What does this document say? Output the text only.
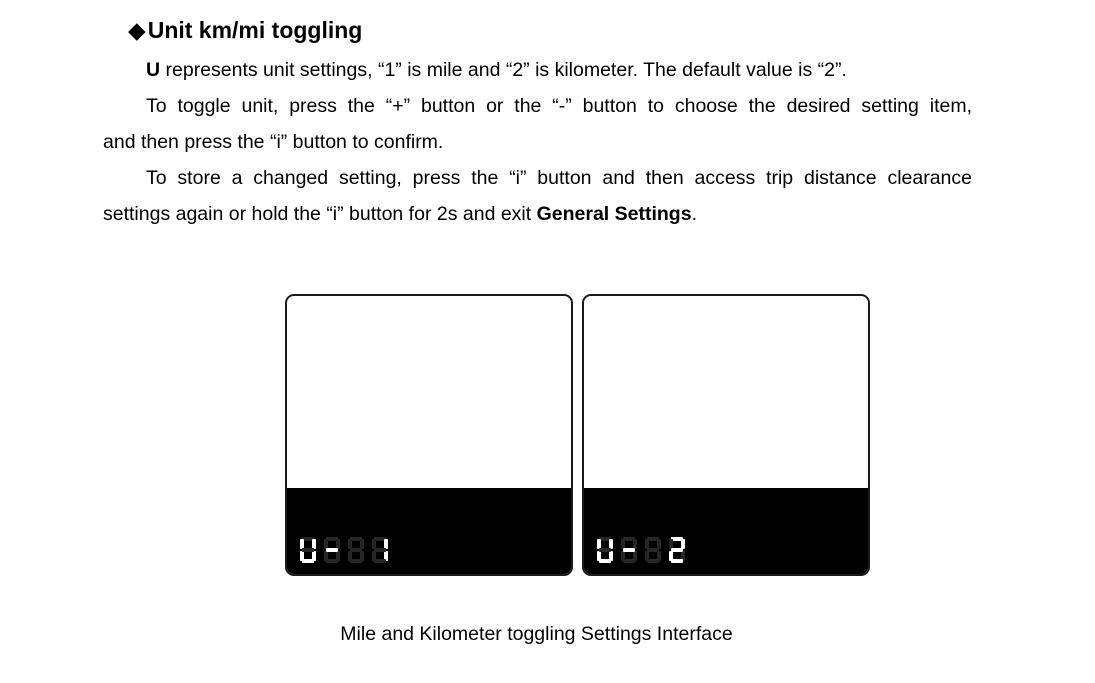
◆Unit km/mi toggling
U represents unit settings, “1” is mile and “2” is kilometer. The default value is “2”.
To toggle unit, press the “+” button or the “-” button to choose the desired setting item,
and then press the “i” button to confirm.
To store a changed setting, press the “i” button and then access trip distance clearance
settings again or hold the “i” button for 2s and exit General Settings.
Mile and Kilometer toggling Settings Interface
